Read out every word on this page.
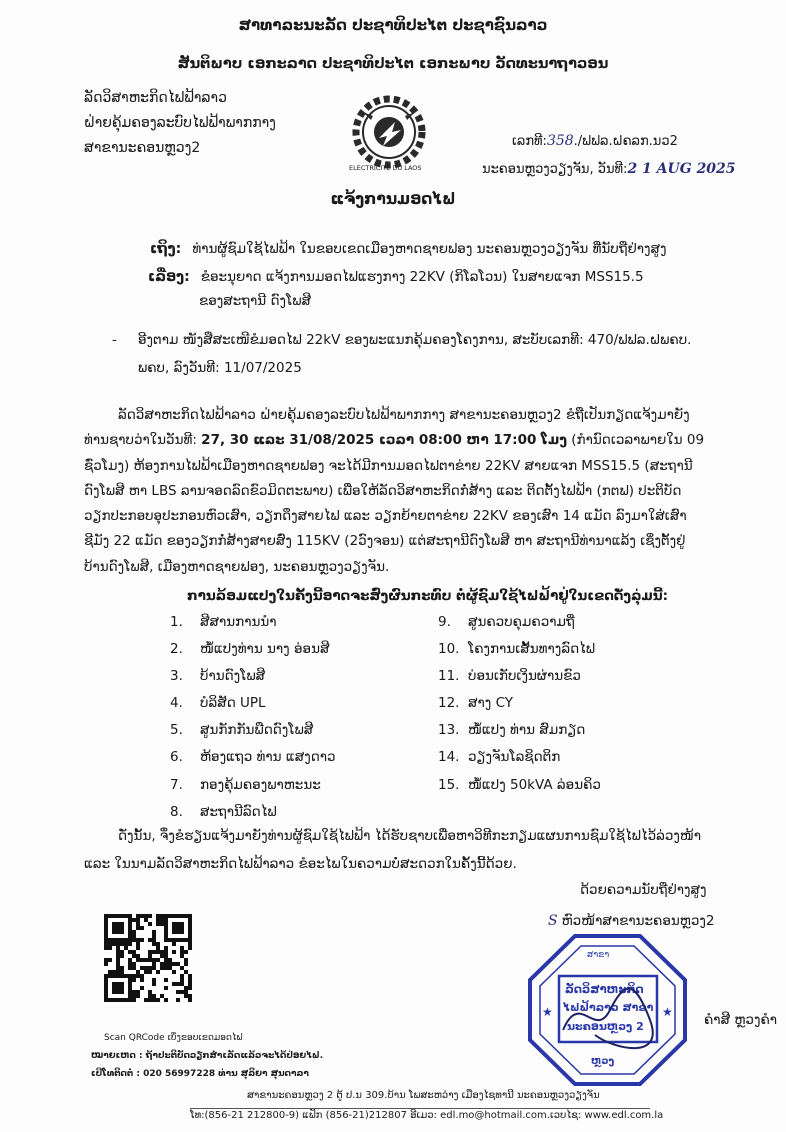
ສາທາລະນະລັດ ປະຊາທິປະໄຕ ປະຊາຊົນລາວ
ສັນຕິພາບ ເອກະລາດ ປະຊາທິປະໄຕ ເອກະພາບ ວັດທະນາຖາວອນ
ລັດວິສາຫະກິດໄຟຟ້າລາວ
ຝ່າຍຄຸ້ມຄອງລະບົບໄຟຟ້າພາກກາງ
ສາຂານະຄອນຫຼວງ2
ELECTRICITE DU LAOS
ເລກທີ:358./ຟຟລ.ຝຄລກ.ນວ2
ນະຄອນຫຼວງວຽງຈັນ, ວັນທີ:2 1 AUG 2025
ແຈ້ງການມອດໄຟ
ເຖິງ: ທ່ານຜູ້ຊົມໃຊ້ໄຟຟ້າ ໃນຂອບເຂດເມືອງຫາດຊາຍຟອງ ນະຄອນຫຼວງວຽງຈັນ ທີ່ນັບຖືຢ່າງສູງ
ເລື່ອງ: ຂໍອະນຸຍາດ ແຈ້ງການມອດໄຟແຮງກາງ 22KV (ກິໂລໂວນ) ໃນສາຍແຈກ MSS15.5
ຂອງສະຖານີ ດົງໂພສີ
- ອີງຕາມ ໜັງສືສະເໜີຂໍມອດໄຟ 22kV ຂອງພະແນກຄຸ້ມຄອງໂຄງການ, ສະບັບເລກທີ: 470/ຟຟລ.ຝພຄບ.
ພຄບ, ລົງວັນທີ: 11/07/2025
ລັດວິສາຫະກິດໄຟຟ້າລາວ ຝ່າຍຄຸ້ມຄອງລະບົບໄຟຟ້າພາກກາງ ສາຂານະຄອນຫຼວງ2 ຂໍຖືເປັນກຽດແຈ້ງມາຍັງ
ທ່ານຊາບວ່າໃນວັນທີ: 27, 30 ແລະ 31/08/2025 ເວລາ 08:00 ຫາ 17:00 ໂມງ (ກຳນົດເວລາພາຍໃນ 09
ຊົ່ວໂມງ) ຫ້ອງການໄຟຟ້າເມືອງຫາດຊາຍຟອງ ຈະໄດ້ມີການມອດໄຟຕາຂ່າຍ 22KV ສາຍແຈກ MSS15.5 (ສະຖານີ
ດົງໂພສີ ຫາ LBS ລານຈອດລົດຂົວມິດຕະພາບ) ເພື່ອໃຫ້ລັດວິສາຫະກິດກໍ່ສ້າງ ແລະ ຕິດຕັ້ງໄຟຟ້າ (ກຕຟ) ປະຕິບັດ
ວຽກປະກອບອຸປະກອນຫົວເສົາ, ວຽກດຶງສາຍໄຟ ແລະ ວຽກຍ້າຍຕາຂ່າຍ 22KV ຂອງເສົາ 14 ແມັດ ລົງມາໃສ່ເສົາ
ຊີມັງ 22 ແມັດ ຂອງວຽກກໍ່ສ້າງສາຍສົ່ງ 115KV (2ວົງຈອນ) ແຕ່ສະຖານີດົງໂພສີ ຫາ ສະຖານີທ່ານາແລ້ງ ເຊິ່ງຕັ້ງຢູ່
ບ້ານດົງໂພສີ, ເມືອງຫາດຊາຍຟອງ, ນະຄອນຫຼວງວຽງຈັນ.
ການລ້ອມແປງໃນຄັ້ງນີ້ອາດຈະສົ່ງຜົນກະທົບ ຕໍ່ຜູ້ຊົມໃຊ້ໄຟຟ້າຢູ່ໃນເຂດດັ່ງລຸ່ມນີ້:
1. ສີສານການນຳ
2. ໜໍ້ແປງທ່ານ ນາງ ອ່ອນສີ
3. ບ້ານດົງໂພສີ
4. ບໍລິສັດ UPL
5. ສູນກັກກັນພືດດົງໂພສີ
6. ຫ້ອງແຖວ ທ່ານ ແສງດາວ
7. ກອງຄຸ້ມຄອງພາຫະນະ
8. ສະຖານີລົດໄຟ
9. ສູນຄວບຄຸມຄວາມຖີ່
10. ໂຄງການເສັ້ນທາງລົດໄຟ
11. ບ່ອນເກັບເງິນຜ່ານຂົວ
12. ສາງ CY
13. ໜໍ້ແປງ ທ່ານ ສົມກຽດ
14. ວຽງຈັນໂລຊິດຕິກ
15. ໜໍ້ແປງ 50kVA ລ່ອນຄິວ
ດັ່ງນັ້ນ, ຈຶ່ງຂໍຮຽນແຈ້ງມາຍັງທ່ານຜູ້ຊົມໃຊ້ໄຟຟ້າ ໄດ້ຮັບຊາບເພື່ອຫາວິທີກະກຽມແຜນການຊົມໃຊ້ໄຟໄວ້ລ່ວງໜ້າ
ແລະ ໃນນາມລັດວິສາຫະກິດໄຟຟ້າລາວ ຂໍອະໄພໃນຄວາມບໍ່ສະດວກໃນຄັ້ງນີ້ດ້ວຍ.
ດ້ວຍຄວາມນັບຖືຢ່າງສູງ
S ຫົວໜ້າສາຂານະຄອນຫຼວງ2
★	★
ສາຂາ
ລັດວິສາຫະກິດ
ໄຟຟ້າລາວ ສາຂາ
ນະຄອນຫຼວງ 2
ຫຼວງ
ຄຳສີ ຫຼວງຄຳ
Scan QRCode ເບິ່ງຂອບເຂດມອດໄຟ
ໝາຍເຫດ : ຖ້າປະຕິບັດວຽກສຳເລັດແລ້ວຈະໄດ້ປ່ອຍໄຟ.
ເບີໂທຕິດຕໍ່ : 020 56997228 ທ່ານ ສຸລິຍາ ສຸນດາລາ
ສາຂານະຄອນຫຼວງ 2 ຕູ້ ປ.ນ 309.ບ້ານ ໂພສະຫວ່າງ ເມືອງໄຊທານີ ນະຄອນຫຼວງວຽງຈັນ
ໂທ:(856-21 212800-9) ແຟັກ (856-21)212807 ອີເມວ: edl.mo@hotmail.com.ເວບໄຊ: www.edl.com.la
